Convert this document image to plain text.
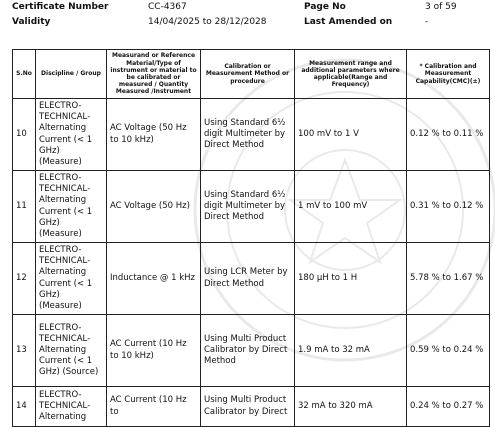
Certificate Number	CC-4367	Page No	3 of 59
Validity	14/04/2025 to 28/12/2028	Last Amended on	-
S.No	Discipline / Group	Measurand or Reference Material/Type of instrument or material to be calibrated or measured / Quantity Measured /Instrument	Calibration or Measurement Method or procedure	Measurement range and additional parameters where applicable(Range and Frequency)	* Calibration and Measurement Capability(CMC)(±)
10	ELECTRO-TECHNICAL-Alternating Current (< 1 GHz) (Measure)	AC Voltage (50 Hz to 10 kHz)	Using Standard 6½ digit Multimeter by Direct Method	100 mV to 1 V	0.12 % to 0.11 %
11	ELECTRO-TECHNICAL-Alternating Current (< 1 GHz) (Measure)	AC Voltage (50 Hz)	Using Standard 6½ digit Multimeter by Direct Method	1 mV to 100 mV	0.31 % to 0.12 %
12	ELECTRO-TECHNICAL-Alternating Current (< 1 GHz) (Measure)	Inductance @ 1 kHz	Using LCR Meter by Direct Method	180 µH to 1 H	5.78 % to 1.67 %
13	ELECTRO-TECHNICAL-Alternating Current (< 1 GHz) (Source)	AC Current (10 Hz to 10 kHz)	Using Multi Product Calibrator by Direct Method	1.9 mA to 32 mA	0.59 % to 0.24 %
14	ELECTRO-TECHNICAL-Alternating	AC Current (10 Hz to	Using Multi Product Calibrator by Direct	32 mA to 320 mA	0.24 % to 0.27 %
